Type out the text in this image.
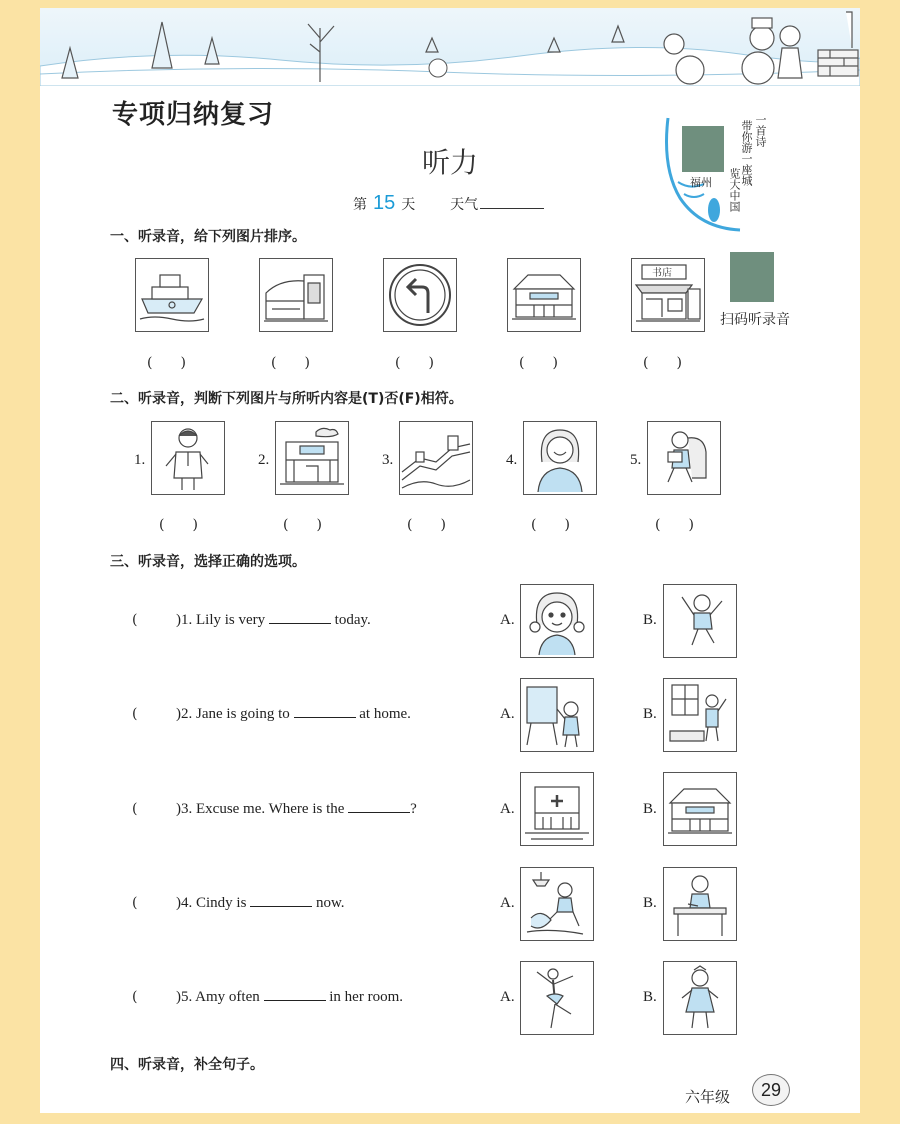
专项归纳复习
听力
第 15 天 天气
福州
一首诗
带你游一座城
览大中国
一、听录音，给下列图片排序。
书店
扫码听录音
(　　)	(　　)	(　　)	(　　)	(　　)
二、听录音，判断下列图片与所听内容是(T)否(F)相符。
1.	2.	3.	4.	5.
(　　)	(　　)	(　　)	(　　)	(　　)
三、听录音，选择正确的选项。
(	)1. Lily is very	today.	A.	B.
(	)2. Jane is going to	at home.	A.	B.
(	)3. Excuse me. Where is the	?	A.	B.
(	)4. Cindy is	now.	A.	B.
(	)5. Amy often	in her room.	A.	B.
四、听录音，补全句子。
六年级	29
